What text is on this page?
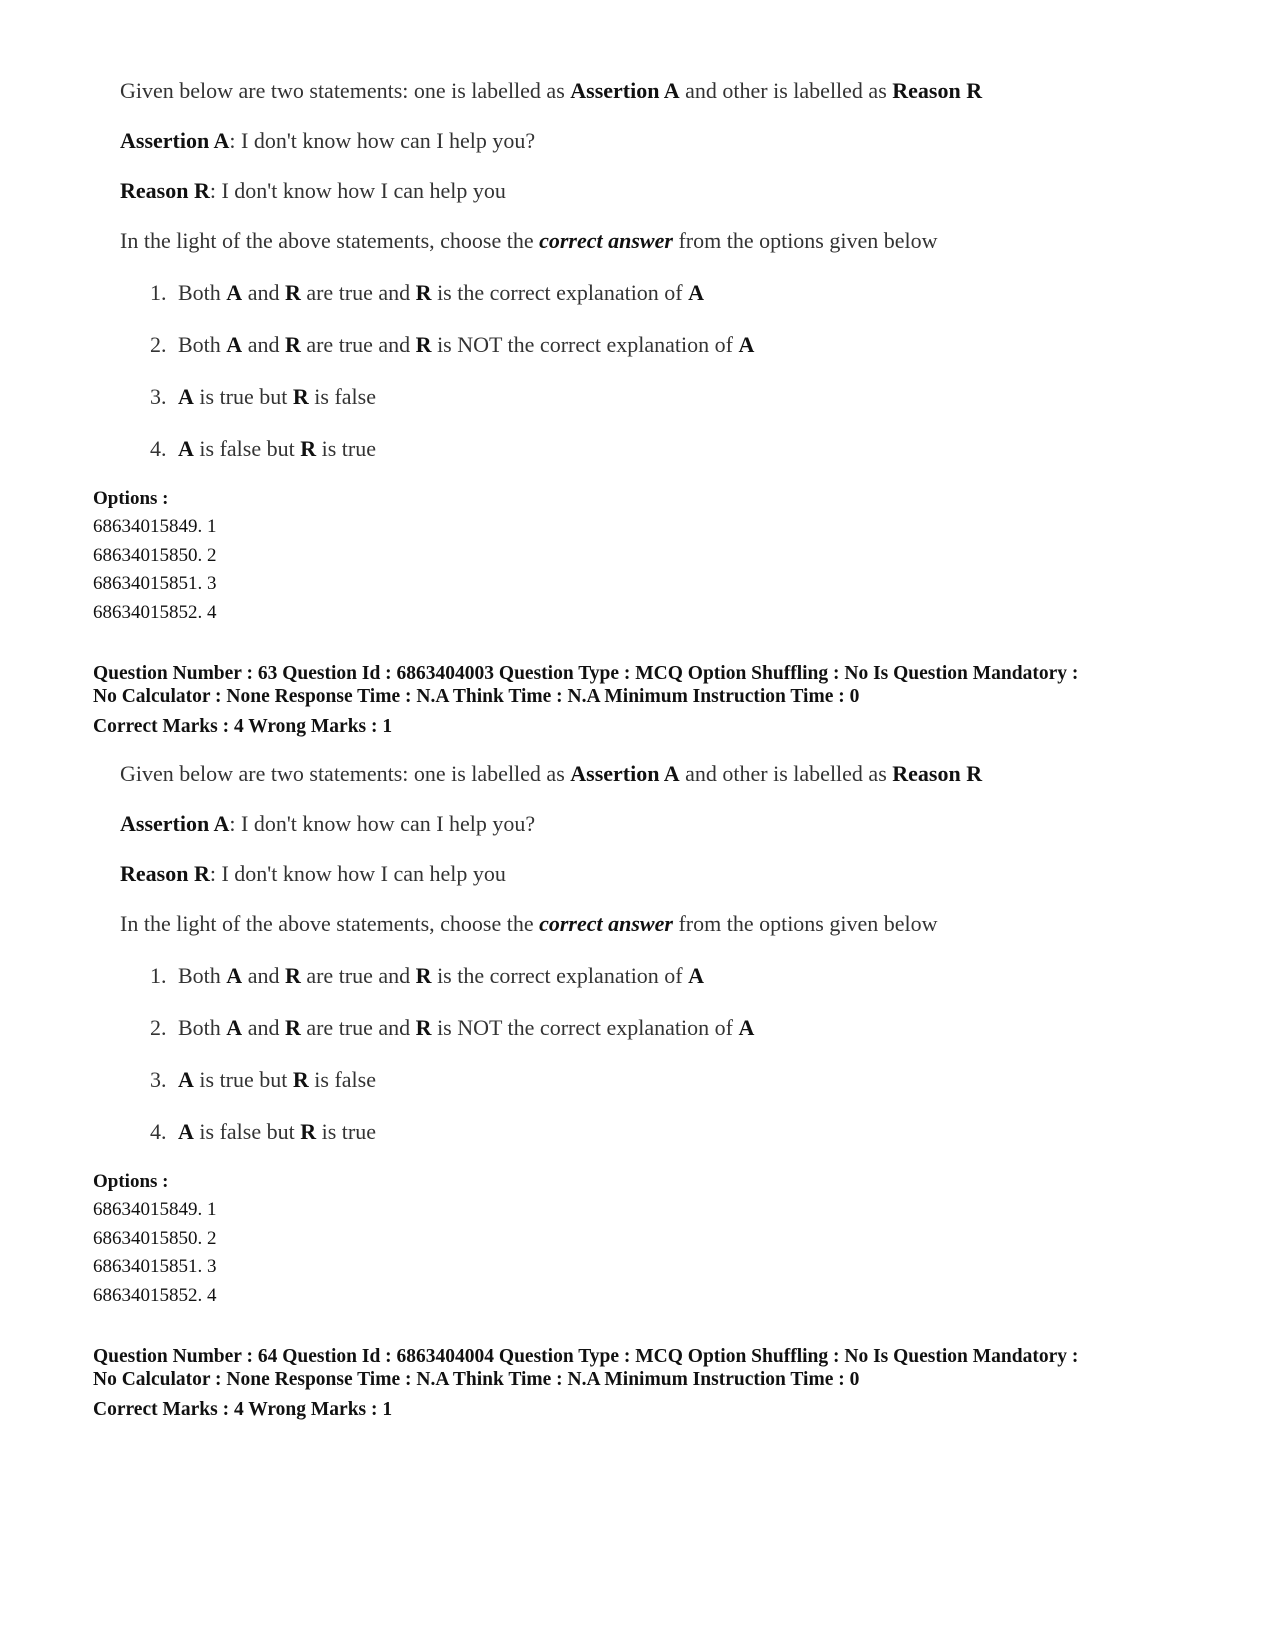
Given below are two statements: one is labelled as Assertion A and other is labelled as Reason R
Assertion A: I don't know how can I help you?
Reason R: I don't know how I can help you
In the light of the above statements, choose the correct answer from the options given below
1. Both A and R are true and R is the correct explanation of A
2. Both A and R are true and R is NOT the correct explanation of A
3. A is true but R is false
4. A is false but R is true
Options :
68634015849. 1
68634015850. 2
68634015851. 3
68634015852. 4
Question Number : 63 Question Id : 6863404003 Question Type : MCQ Option Shuffling : No Is Question Mandatory :
No Calculator : None Response Time : N.A Think Time : N.A Minimum Instruction Time : 0
Correct Marks : 4 Wrong Marks : 1
Given below are two statements: one is labelled as Assertion A and other is labelled as Reason R
Assertion A: I don't know how can I help you?
Reason R: I don't know how I can help you
In the light of the above statements, choose the correct answer from the options given below
1. Both A and R are true and R is the correct explanation of A
2. Both A and R are true and R is NOT the correct explanation of A
3. A is true but R is false
4. A is false but R is true
Options :
68634015849. 1
68634015850. 2
68634015851. 3
68634015852. 4
Question Number : 64 Question Id : 6863404004 Question Type : MCQ Option Shuffling : No Is Question Mandatory :
No Calculator : None Response Time : N.A Think Time : N.A Minimum Instruction Time : 0
Correct Marks : 4 Wrong Marks : 1
